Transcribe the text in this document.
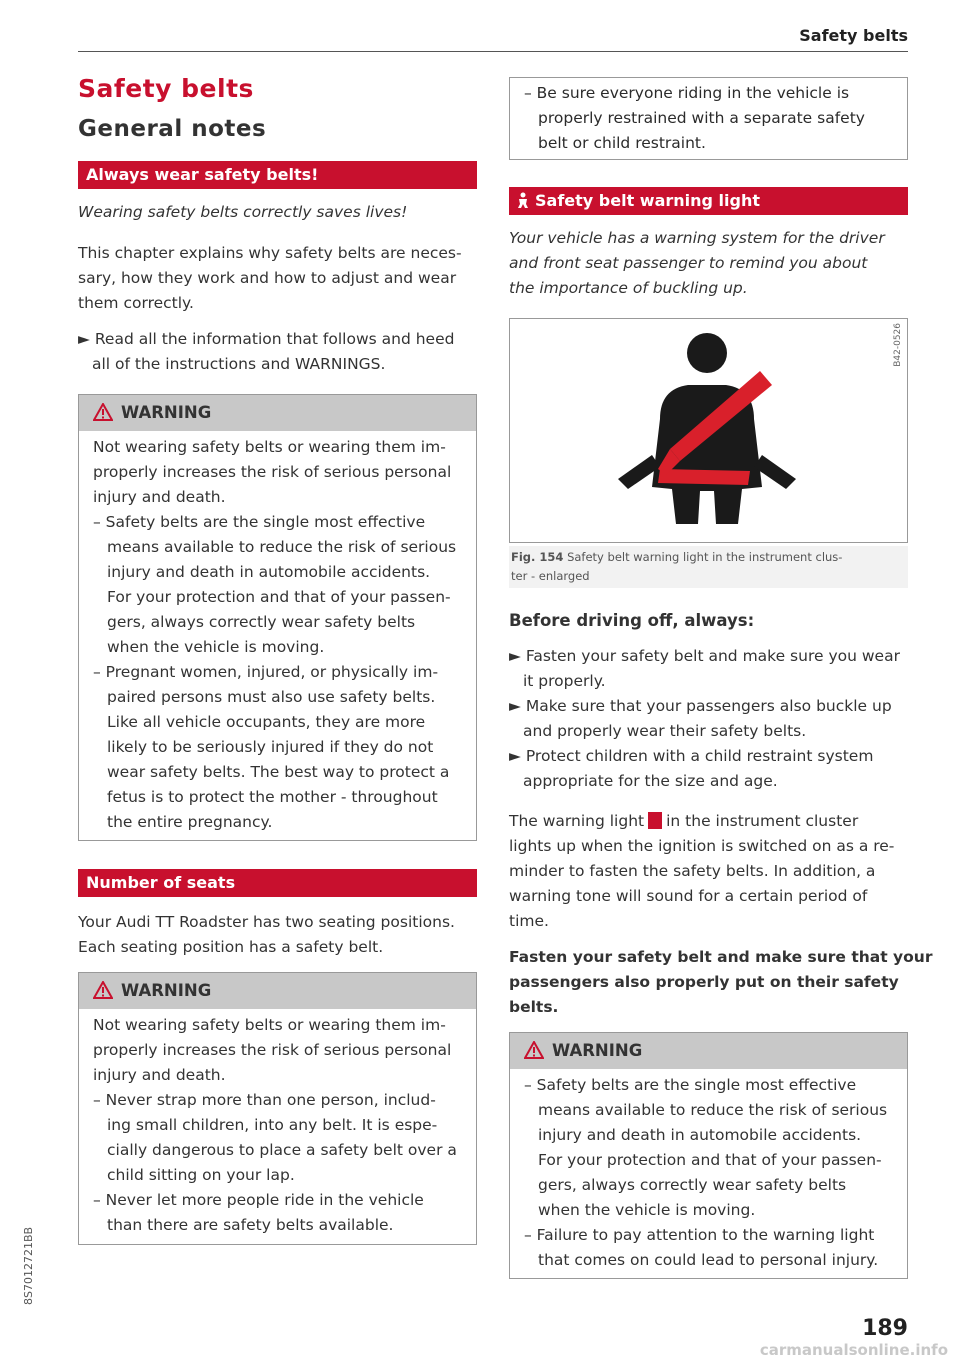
Safety belts
Safety belts
General notes
Always wear safety belts!
Wearing safety belts correctly saves lives!
This chapter explains why safety belts are neces-
sary, how they work and how to adjust and wear
them correctly.
► Read all the information that follows and heed
all of the instructions and WARNINGS.
WARNING
Not wearing safety belts or wearing them im-
properly increases the risk of serious personal
injury and death.
– Safety belts are the single most effective
means available to reduce the risk of serious
injury and death in automobile accidents.
For your protection and that of your passen-
gers, always correctly wear safety belts
when the vehicle is moving.
– Pregnant women, injured, or physically im-
paired persons must also use safety belts.
Like all vehicle occupants, they are more
likely to be seriously injured if they do not
wear safety belts. The best way to protect a
fetus is to protect the mother - throughout
the entire pregnancy.
Number of seats
Your Audi TT Roadster has two seating positions.
Each seating position has a safety belt.
WARNING
Not wearing safety belts or wearing them im-
properly increases the risk of serious personal
injury and death.
– Never strap more than one person, includ-
ing small children, into any belt. It is espe-
cially dangerous to place a safety belt over a
child sitting on your lap.
– Never let more people ride in the vehicle
than there are safety belts available.
– Be sure everyone riding in the vehicle is
properly restrained with a separate safety
belt or child restraint.
Safety belt warning light
Your vehicle has a warning system for the driver
and front seat passenger to remind you about
the importance of buckling up.
B42-0526
Fig. 154 Safety belt warning light in the instrument clus-
ter - enlarged
Before driving off, always:
► Fasten your safety belt and make sure you wear
it properly.
► Make sure that your passengers also buckle up
and properly wear their safety belts.
► Protect children with a child restraint system
appropriate for the size and age.
The warning light in the instrument cluster
lights up when the ignition is switched on as a re-
minder to fasten the safety belts. In addition, a
warning tone will sound for a certain period of
time.
Fasten your safety belt and make sure that your
passengers also properly put on their safety
belts.
WARNING
– Safety belts are the single most effective
means available to reduce the risk of serious
injury and death in automobile accidents.
For your protection and that of your passen-
gers, always correctly wear safety belts
when the vehicle is moving.
– Failure to pay attention to the warning light
that comes on could lead to personal injury.
189
8S7012721BB
carmanualsonline.info
